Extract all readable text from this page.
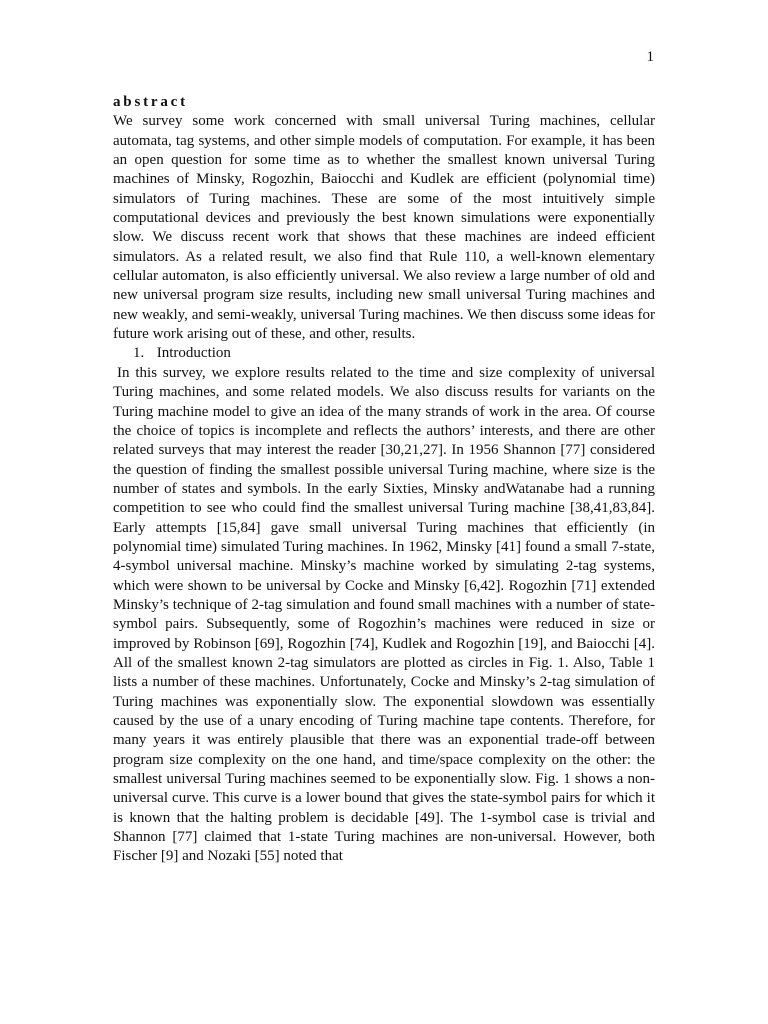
1
abstract

We survey some work concerned with small universal Turing machines, cellular automata, tag systems, and other simple models of computation. For example, it has been an open question for some time as to whether the smallest known universal Turing machines of Minsky, Rogozhin, Baiocchi and Kudlek are efficient (polynomial time) simulators of Turing machines. These are some of the most intuitively simple computational devices and previously the best known simulations were exponentially slow. We discuss recent work that shows that these machines are indeed efficient simulators. As a related result, we also find that Rule 110, a well-known elementary cellular automaton, is also efficiently universal. We also review a large number of old and new universal program size results, including new small universal Turing machines and new weakly, and semi-weakly, universal Turing machines. We then discuss some ideas for future work arising out of these, and other, results.

1. Introduction

In this survey, we explore results related to the time and size complexity of universal Turing machines, and some related models. We also discuss results for variants on the Turing machine model to give an idea of the many strands of work in the area. Of course the choice of topics is incomplete and reflects the authors’ interests, and there are other related surveys that may interest the reader [30,21,27]. In 1956 Shannon [77] considered the question of finding the smallest possible universal Turing machine, where size is the number of states and symbols. In the early Sixties, Minsky andWatanabe had a running competition to see who could find the smallest universal Turing machine [38,41,83,84]. Early attempts [15,84] gave small universal Turing machines that efficiently (in polynomial time) simulated Turing machines. In 1962, Minsky [41] found a small 7-state, 4-symbol universal machine. Minsky’s machine worked by simulating 2-tag systems, which were shown to be universal by Cocke and Minsky [6,42]. Rogozhin [71] extended Minsky’s technique of 2-tag simulation and found small machines with a number of state-symbol pairs. Subsequently, some of Rogozhin’s machines were reduced in size or improved by Robinson [69], Rogozhin [74], Kudlek and Rogozhin [19], and Baiocchi [4]. All of the smallest known 2-tag simulators are plotted as circles in Fig. 1. Also, Table 1 lists a number of these machines. Unfortunately, Cocke and Minsky’s 2-tag simulation of Turing machines was exponentially slow. The exponential slowdown was essentially caused by the use of a unary encoding of Turing machine tape contents. Therefore, for many years it was entirely plausible that there was an exponential trade-off between program size complexity on the one hand, and time/space complexity on the other: the smallest universal Turing machines seemed to be exponentially slow. Fig. 1 shows a non-universal curve. This curve is a lower bound that gives the state-symbol pairs for which it is known that the halting problem is decidable [49]. The 1-symbol case is trivial and Shannon [77] claimed that 1-state Turing machines are non-universal. However, both Fischer [9] and Nozaki [55] noted that
